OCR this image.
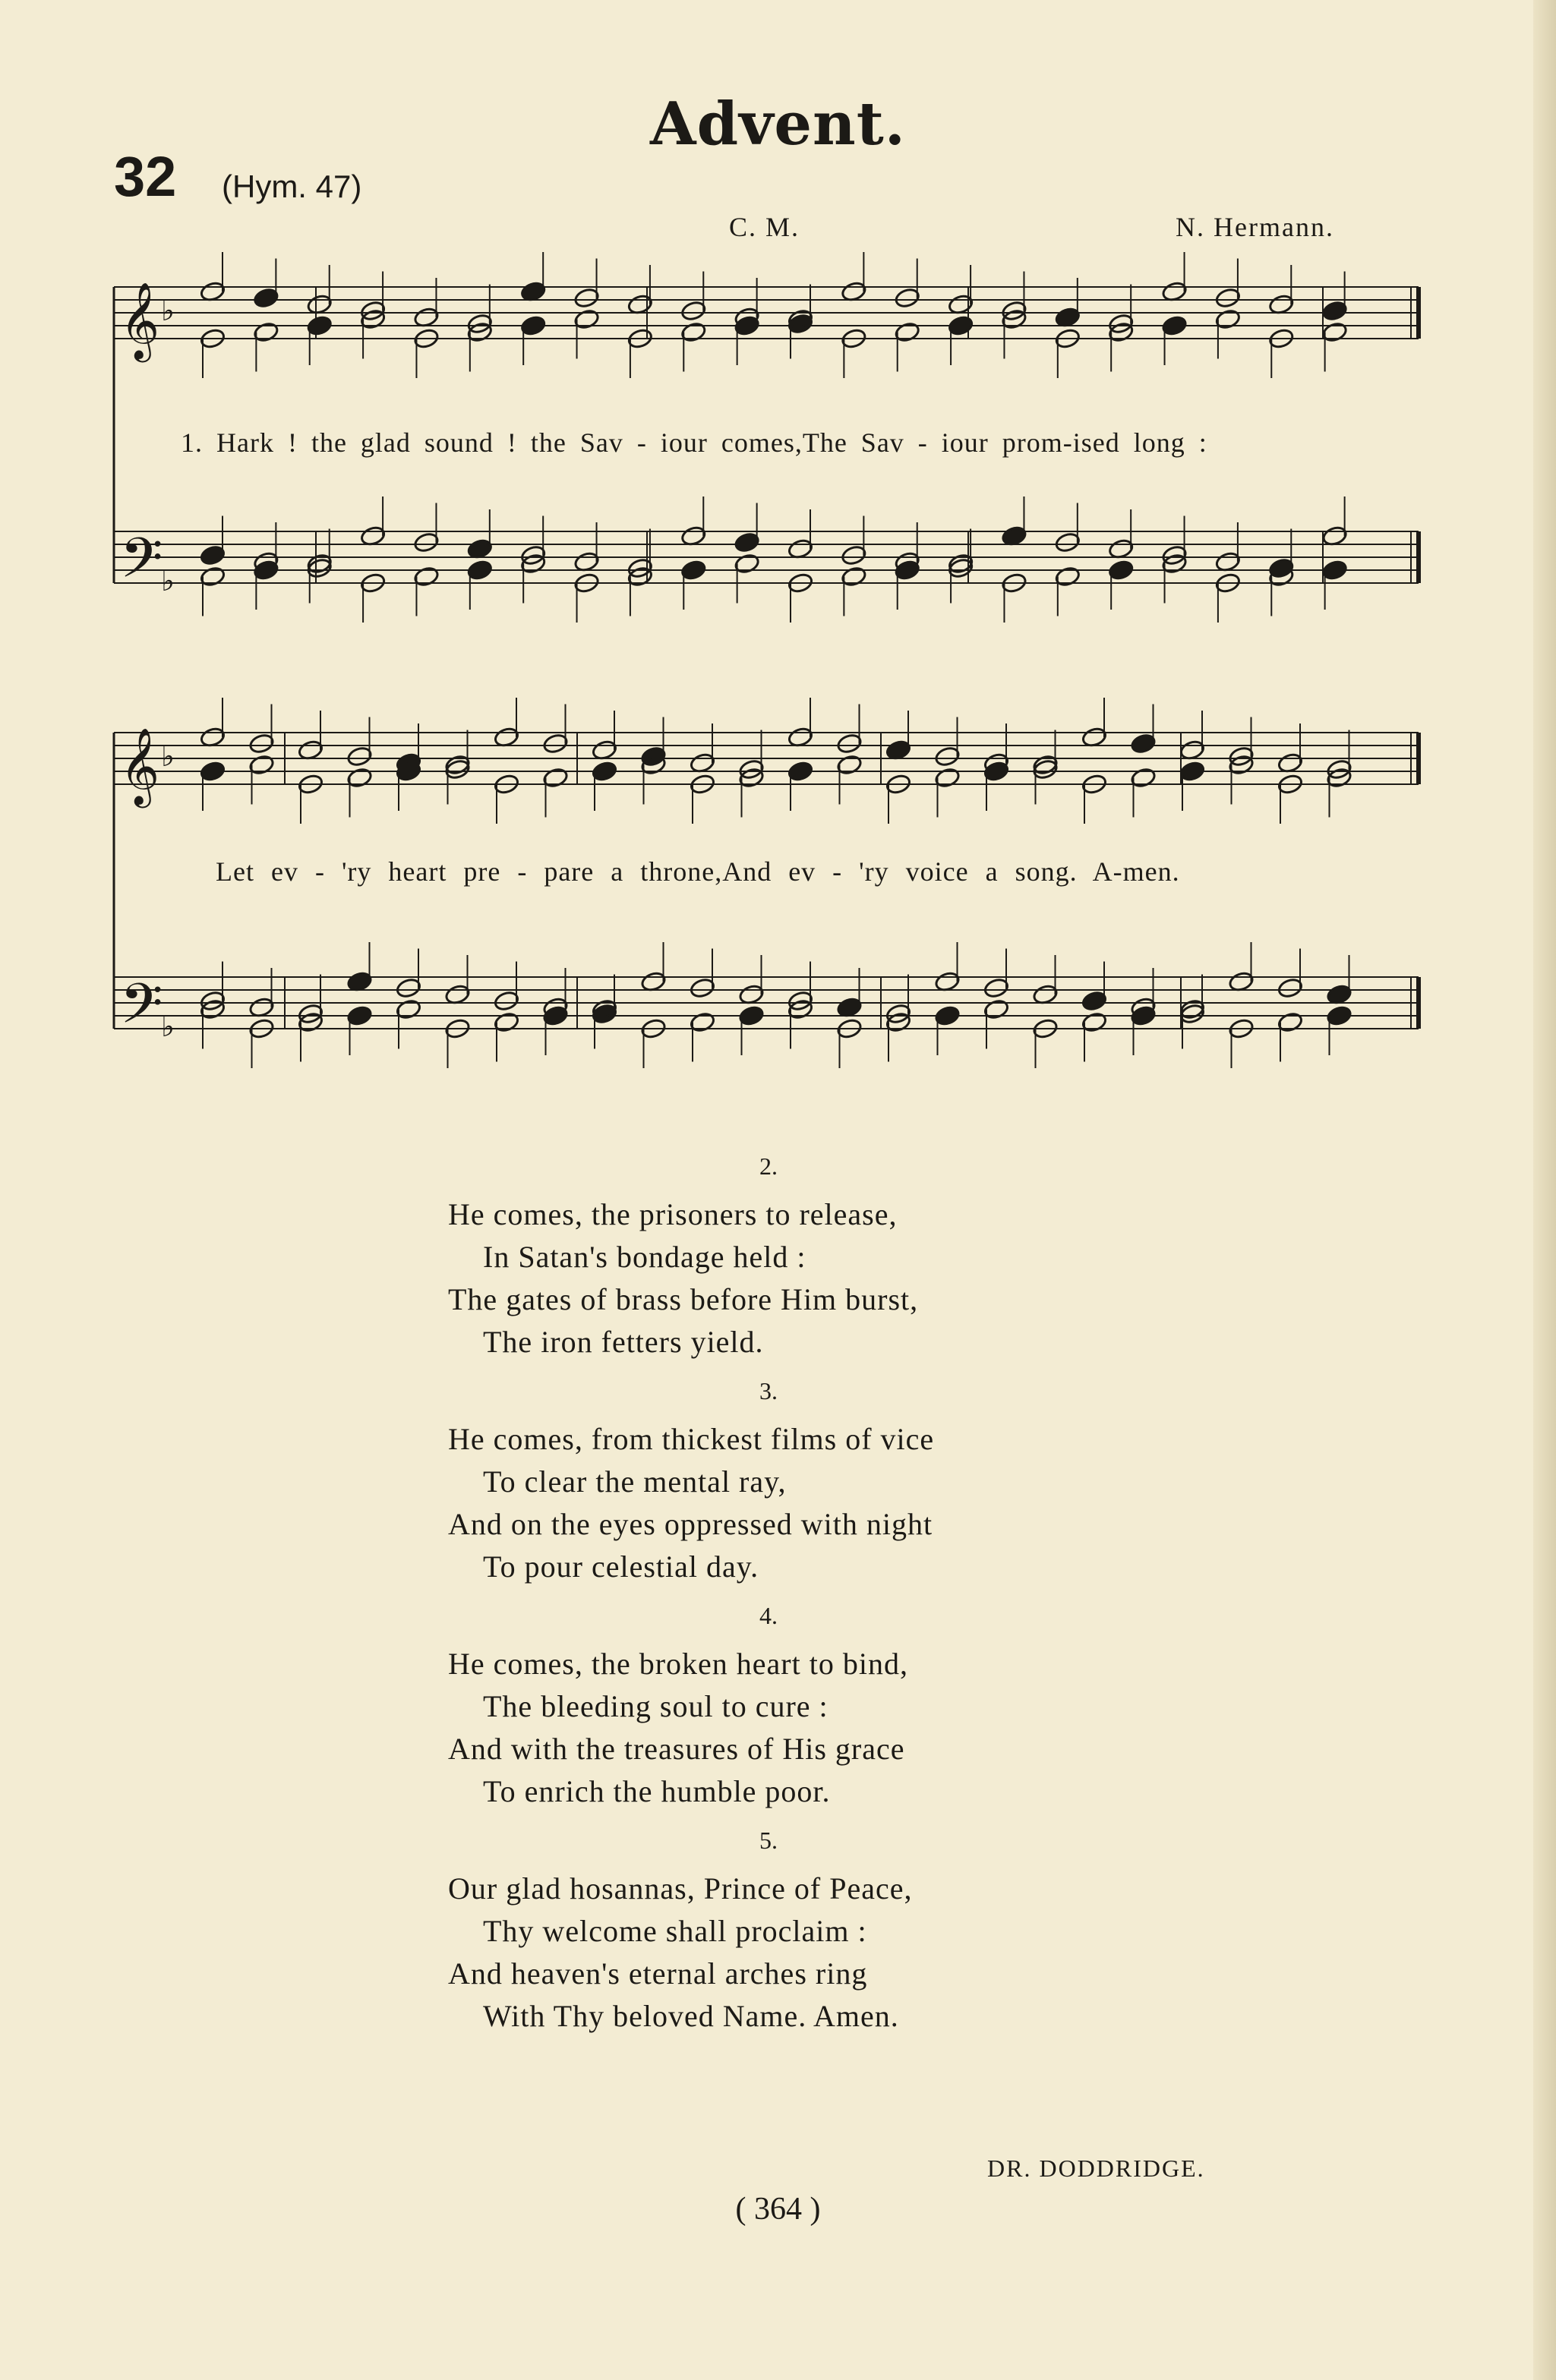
Advent.
32 (Hym. 47)
C. M.	N. Hermann.
𝄞 ♭
𝄢
♭
𝄞 ♭
𝄢
♭
1. Hark ! the glad sound ! the Sav - iour comes,The Sav - iour prom-ised long :
Let ev - 'ry heart pre - pare a throne,And ev - 'ry voice a song. A-men.
2.
He comes, the prisoners to release,
In Satan's bondage held :
The gates of brass before Him burst,
The iron fetters yield.
3.
He comes, from thickest films of vice
To clear the mental ray,
And on the eyes oppressed with night
To pour celestial day.
4.
He comes, the broken heart to bind,
The bleeding soul to cure :
And with the treasures of His grace
To enrich the humble poor.
5.
Our glad hosannas, Prince of Peace,
Thy welcome shall proclaim :
And heaven's eternal arches ring
With Thy beloved Name. Amen.
DR. DODDRIDGE.
( 364 )
